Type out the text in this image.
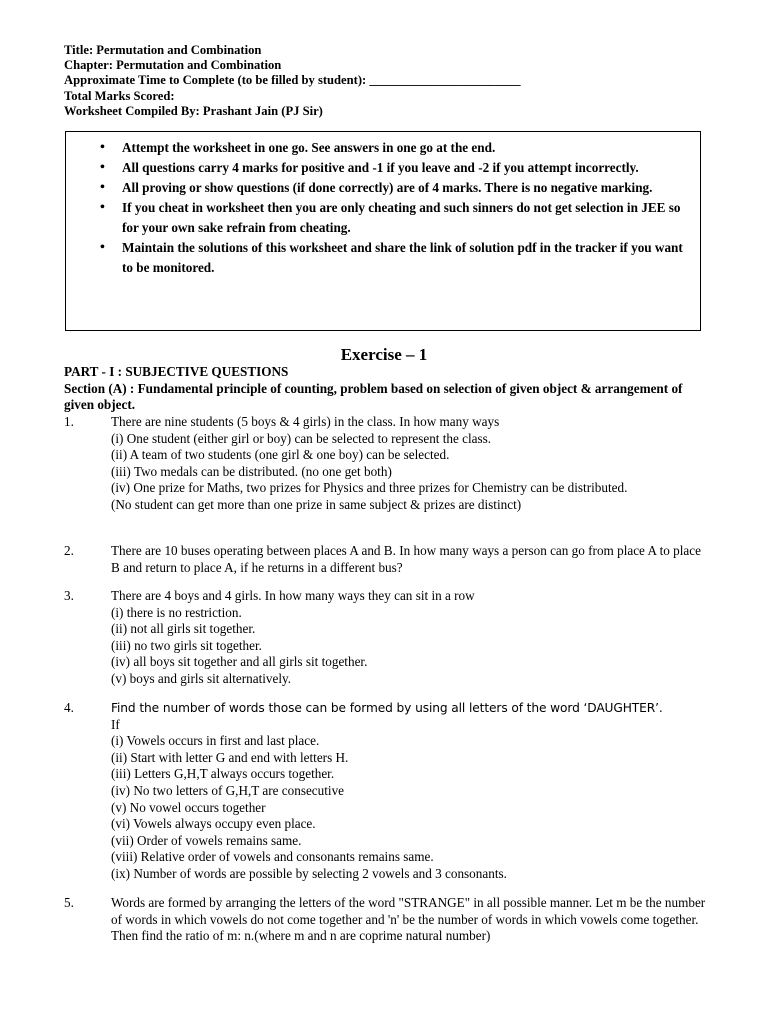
Title: Permutation and Combination
Chapter: Permutation and Combination
Approximate Time to Complete (to be filled by student): ________________________
Total Marks Scored:
Worksheet Compiled By: Prashant Jain (PJ Sir)
• Attempt the worksheet in one go. See answers in one go at the end.
• All questions carry 4 marks for positive and -1 if you leave and -2 if you attempt incorrectly.
• All proving or show questions (if done correctly) are of 4 marks. There is no negative marking.
• If you cheat in worksheet then you are only cheating and such sinners do not get selection in JEE so for your own sake refrain from cheating.
• Maintain the solutions of this worksheet and share the link of solution pdf in the tracker if you want to be monitored.
Exercise – 1
PART - I : SUBJECTIVE QUESTIONS
Section (A) : Fundamental principle of counting, problem based on selection of given object & arrangement of given object.
1.	There are nine students (5 boys & 4 girls) in the class. In how many ways
(i) One student (either girl or boy) can be selected to represent the class.
(ii) A team of two students (one girl & one boy) can be selected.
(iii) Two medals can be distributed. (no one get both)
(iv) One prize for Maths, two prizes for Physics and three prizes for Chemistry can be distributed.
(No student can get more than one prize in same subject & prizes are distinct)
2.	There are 10 buses operating between places A and B. In how many ways a person can go from place A to place B and return to place A, if he returns in a different bus?
3.	There are 4 boys and 4 girls. In how many ways they can sit in a row
(i) there is no restriction.
(ii) not all girls sit together.
(iii) no two girls sit together.
(iv) all boys sit together and all girls sit together.
(v) boys and girls sit alternatively.
4.	Find the number of words those can be formed by using all letters of the word ‘DAUGHTER’.
If
(i) Vowels occurs in first and last place.
(ii) Start with letter G and end with letters H.
(iii) Letters G,H,T always occurs together.
(iv) No two letters of G,H,T are consecutive
(v) No vowel occurs together
(vi) Vowels always occupy even place.
(vii) Order of vowels remains same.
(viii) Relative order of vowels and consonants remains same.
(ix) Number of words are possible by selecting 2 vowels and 3 consonants.
5.	Words are formed by arranging the letters of the word "STRANGE" in all possible manner. Let m be the number of words in which vowels do not come together and 'n' be the number of words in which vowels come together. Then find the ratio of m: n.(where m and n are coprime natural number)
